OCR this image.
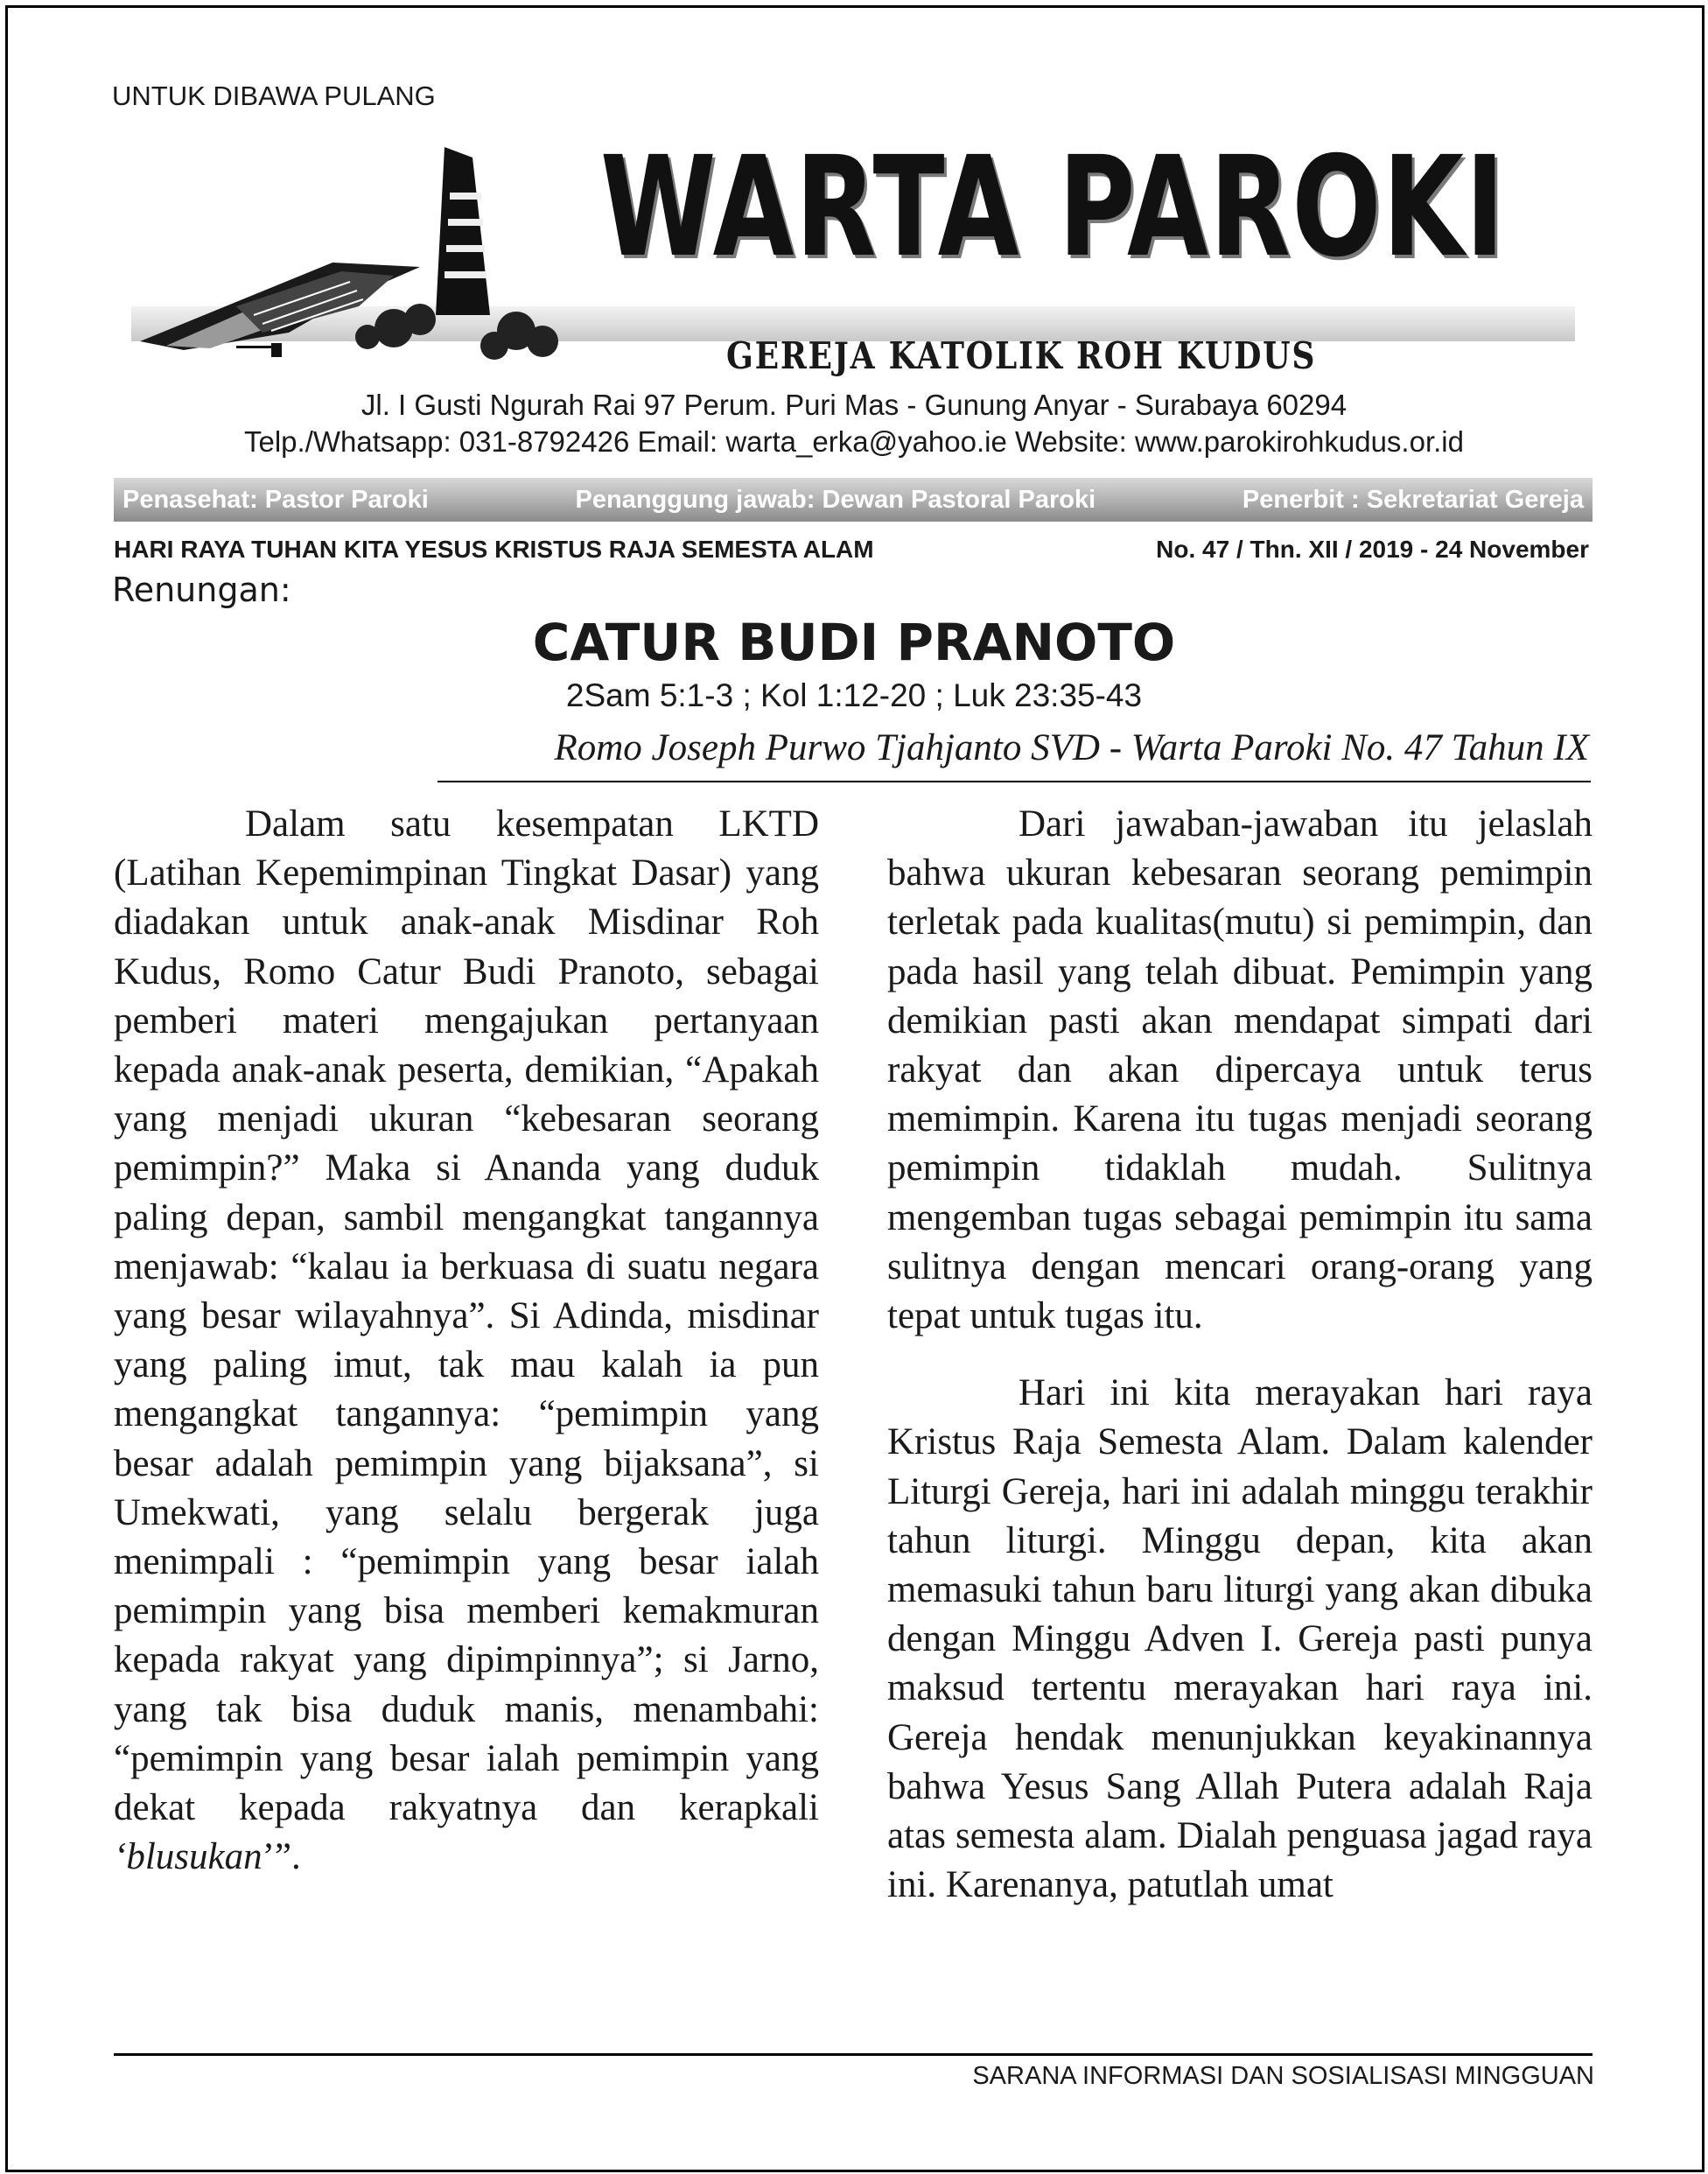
UNTUK DIBAWA PULANG
WARTA PAROKI
GEREJA KATOLIK ROH KUDUS
Jl. I Gusti Ngurah Rai 97 Perum. Puri Mas - Gunung Anyar - Surabaya 60294
Telp./Whatsapp: 031-8792426 Email: warta_erka@yahoo.ie Website: www.parokirohkudus.or.id
Penasehat: Pastor Paroki	Penanggung jawab: Dewan Pastoral Paroki	Penerbit : Sekretariat Gereja
HARI RAYA TUHAN KITA YESUS KRISTUS RAJA SEMESTA ALAM	No. 47 / Thn. XII / 2019 - 24 November
Renungan:
CATUR BUDI PRANOTO
2Sam 5:1-3 ; Kol 1:12-20 ; Luk 23:35-43
Romo Joseph Purwo Tjahjanto SVD - Warta Paroki No. 47 Tahun IX

Dalam satu kesempatan LKTD (Latihan Kepemimpinan Tingkat Dasar) yang diadakan untuk anak-anak Misdinar Roh Kudus, Romo Catur Budi Pranoto, sebagai pemberi materi mengajukan pertanyaan kepada anak-anak peserta, demikian, “Apakah yang menjadi ukuran “kebesaran seorang pemimpin?” Maka si Ananda yang duduk paling depan, sambil mengangkat tangannya menjawab: “kalau ia berkuasa di suatu negara yang besar wilayahnya”. Si Adinda, misdinar yang paling imut, tak mau kalah ia pun mengangkat tangannya: “pemimpin yang besar adalah pemimpin yang bijaksana”, si Umekwati, yang selalu bergerak juga menimpali : “pemimpin yang besar ialah pemimpin yang bisa memberi kemakmuran kepada rakyat yang dipimpinnya”; si Jarno, yang tak bisa duduk manis, menambahi: “pemimpin yang besar ialah pemimpin yang dekat kepada rakyatnya dan kerapkali ‘blusukan’”.

Dari jawaban-jawaban itu jelaslah bahwa ukuran kebesaran seorang pemimpin terletak pada kualitas(mutu) si pemimpin, dan pada hasil yang telah dibuat. Pemimpin yang demikian pasti akan mendapat simpati dari rakyat dan akan dipercaya untuk terus memimpin. Karena itu tugas menjadi seorang pemimpin tidaklah mudah. Sulitnya mengemban tugas sebagai pemimpin itu sama sulitnya dengan mencari orang-orang yang tepat untuk tugas itu.

Hari ini kita merayakan hari raya Kristus Raja Semesta Alam. Dalam kalender Liturgi Gereja, hari ini adalah minggu terakhir tahun liturgi. Minggu depan, kita akan memasuki tahun baru liturgi yang akan dibuka dengan Minggu Adven I. Gereja pasti punya maksud tertentu merayakan hari raya ini. Gereja hendak menunjukkan keyakinannya bahwa Yesus Sang Allah Putera adalah Raja atas semesta alam. Dialah penguasa jagad raya ini. Karenanya, patutlah umat

SARANA INFORMASI DAN SOSIALISASI MINGGUAN
